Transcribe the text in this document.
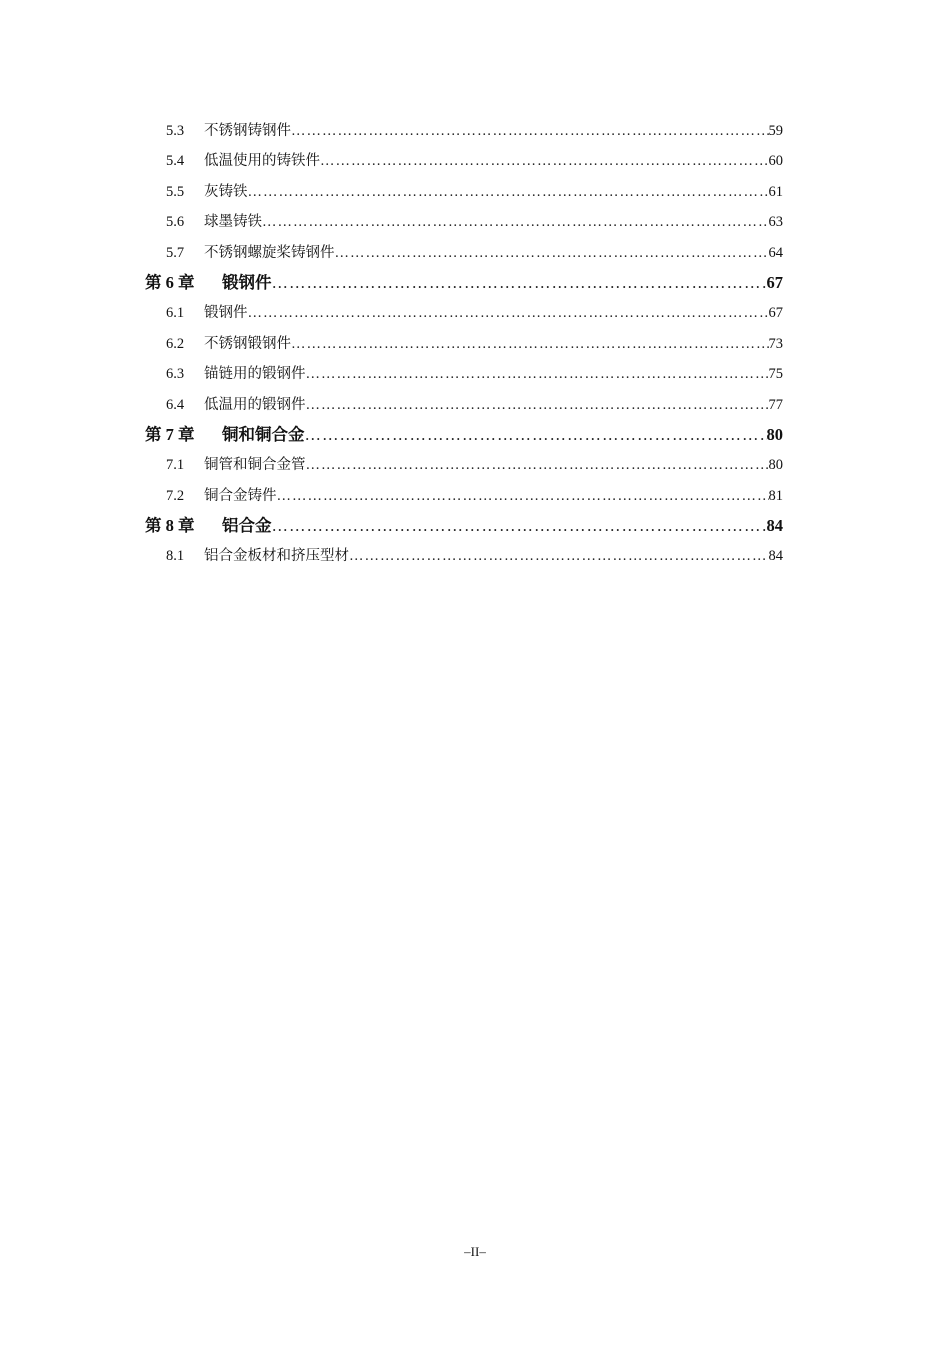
5.3	不锈钢铸钢件 ………………………………………………………………………………………………………………………………………………………………………………	59
5.4	低温使用的铸铁件 ………………………………………………………………………………………………………………………………………………………………………………	60
5.5	灰铸铁 ………………………………………………………………………………………………………………………………………………………………………………	61
5.6	球墨铸铁 ………………………………………………………………………………………………………………………………………………………………………………	63
5.7	不锈钢螺旋桨铸钢件 ………………………………………………………………………………………………………………………………………………………………………………	64
第 6 章	锻钢件 ………………………………………………………………………………………………………………………………………………………………………………	67
6.1	锻钢件 ………………………………………………………………………………………………………………………………………………………………………………	67
6.2	不锈钢锻钢件 ………………………………………………………………………………………………………………………………………………………………………………	73
6.3	锚链用的锻钢件 ………………………………………………………………………………………………………………………………………………………………………………	75
6.4	低温用的锻钢件 ………………………………………………………………………………………………………………………………………………………………………………	77
第 7 章	铜和铜合金 ………………………………………………………………………………………………………………………………………………………………………………	80
7.1	铜管和铜合金管 ………………………………………………………………………………………………………………………………………………………………………………	80
7.2	铜合金铸件 ………………………………………………………………………………………………………………………………………………………………………………	81
第 8 章	铝合金 ………………………………………………………………………………………………………………………………………………………………………………	84
8.1	铝合金板材和挤压型材 ………………………………………………………………………………………………………………………………………………………………………………	84
–II–
